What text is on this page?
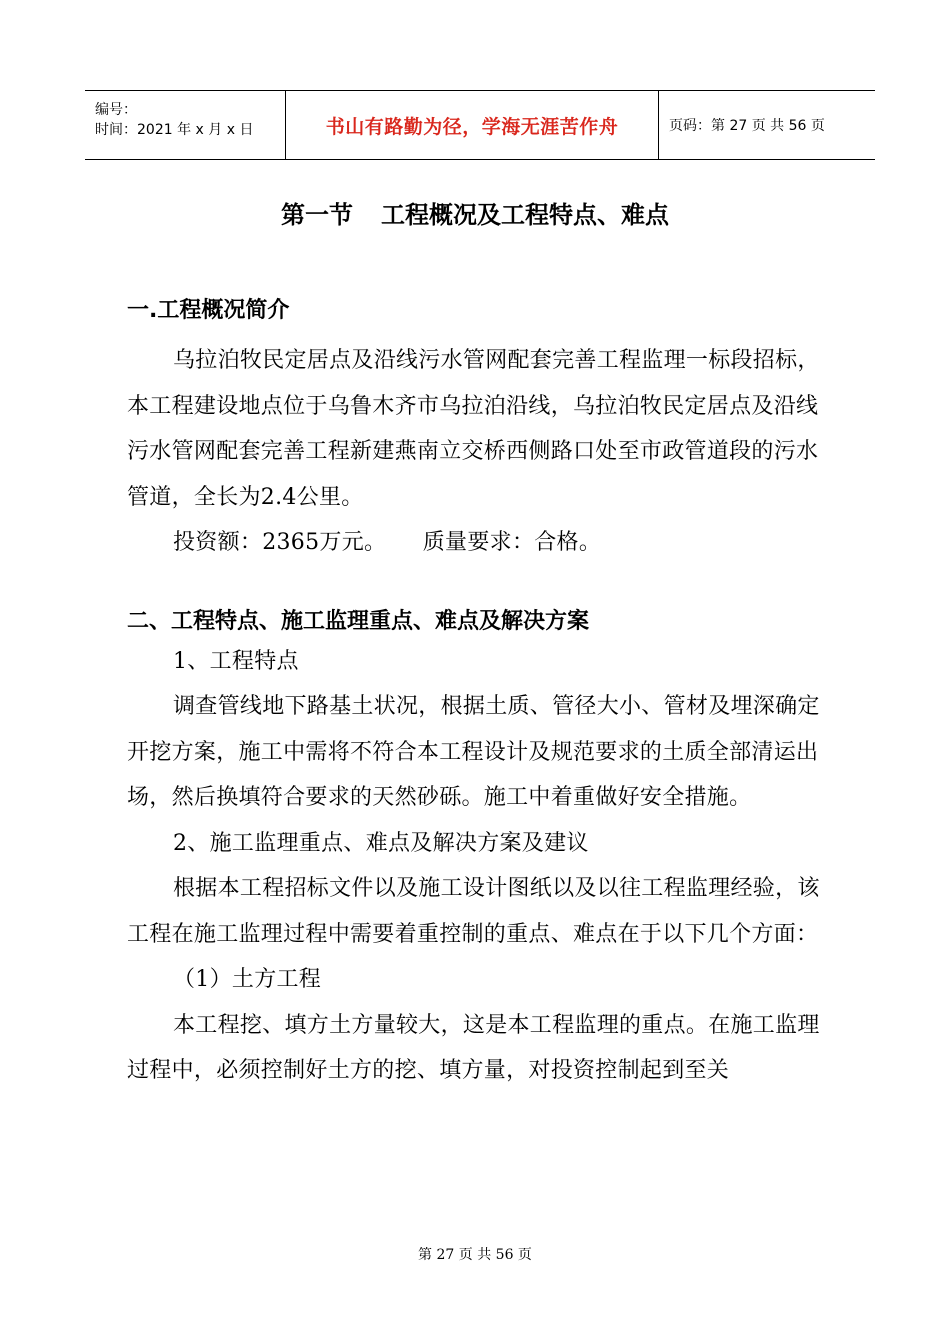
编号：
时间：2021 年 x 月 x 日	书山有路勤为径，学海无涯苦作舟	页码：第 27 页 共 56 页
第一节 工程概况及工程特点、难点
一.工程概况简介
乌拉泊牧民定居点及沿线污水管网配套完善工程监理一标段招标，本工程建设地点位于乌鲁木齐市乌拉泊沿线，乌拉泊牧民定居点及沿线污水管网配套完善工程新建燕南立交桥西侧路口处至市政管道段的污水管道，全长为2.4公里。
投资额：2365万元。     质量要求：合格。
二、工程特点、施工监理重点、难点及解决方案
1、工程特点
调查管线地下路基土状况，根据土质、管径大小、管材及埋深确定开挖方案，施工中需将不符合本工程设计及规范要求的土质全部清运出场，然后换填符合要求的天然砂砾。施工中着重做好安全措施。
2、施工监理重点、难点及解决方案及建议
根据本工程招标文件以及施工设计图纸以及以往工程监理经验，该工程在施工监理过程中需要着重控制的重点、难点在于以下几个方面：
（1）土方工程
本工程挖、填方土方量较大，这是本工程监理的重点。在施工监理过程中，必须控制好土方的挖、填方量，对投资控制起到至关
第 27 页 共 56 页
